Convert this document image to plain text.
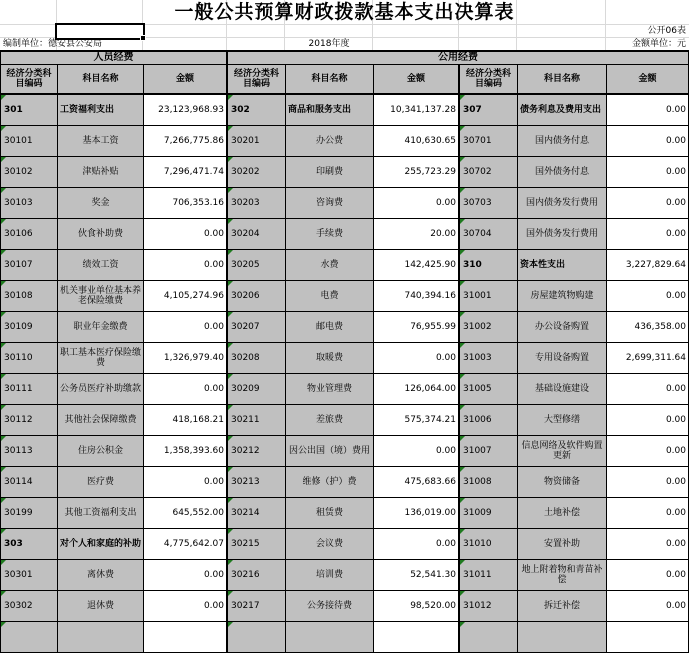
一般公共预算财政拨款基本支出决算表
公开06表
编制单位：德安县公安局	2018年度	金额单位：元
人员经费	公用经费
经济分类科目编码	科目名称	金额	经济分类科目编码	科目名称	金额	经济分类科目编码	科目名称	金额
301	工资福利支出	23,123,968.93 302	商品和服务支出	10,341,137.28 307	债务利息及费用支出	0.00
30101	基本工资	7,266,775.86 30201	办公费	410,630.65 30701	国内债务付息	0.00
30102	津贴补贴	7,296,471.74 30202	印刷费	255,723.29 30702	国外债务付息	0.00
30103	奖金	706,353.16 30203	咨询费	0.00 30703	国内债务发行费用	0.00
30106	伙食补助费	0.00 30204	手续费	20.00 30704	国外债务发行费用	0.00
30107	绩效工资	0.00 30205	水费	142,425.90 310	资本性支出	3,227,829.64
30108	机关事业单位基本养老保险缴费	4,105,274.96 30206	电费	740,394.16 31001	房屋建筑物购建	0.00
30109	职业年金缴费	0.00 30207	邮电费	76,955.99 31002	办公设备购置	436,358.00
30110	职工基本医疗保险缴费	1,326,979.40 30208	取暖费	0.00 31003	专用设备购置	2,699,311.64
30111	公务员医疗补助缴款	0.00 30209	物业管理费	126,064.00 31005	基础设施建设	0.00
30112	其他社会保障缴费	418,168.21 30211	差旅费	575,374.21 31006	大型修缮	0.00
30113	住房公积金	1,358,393.60 30212	因公出国（境）费用	0.00 31007	信息网络及软件购置更新	0.00
30114	医疗费	0.00 30213	维修（护）费	475,683.66 31008	物资储备	0.00
30199	其他工资福利支出	645,552.00 30214	租赁费	136,019.00 31009	土地补偿	0.00
303	对个人和家庭的补助	4,775,642.07 30215	会议费	0.00 31010	安置补助	0.00
30301	离休费	0.00 30216	培训费	52,541.30 31011	地上附着物和青苗补偿	0.00
30302	退休费	0.00 30217	公务接待费	98,520.00 31012	拆迁补偿	0.00
